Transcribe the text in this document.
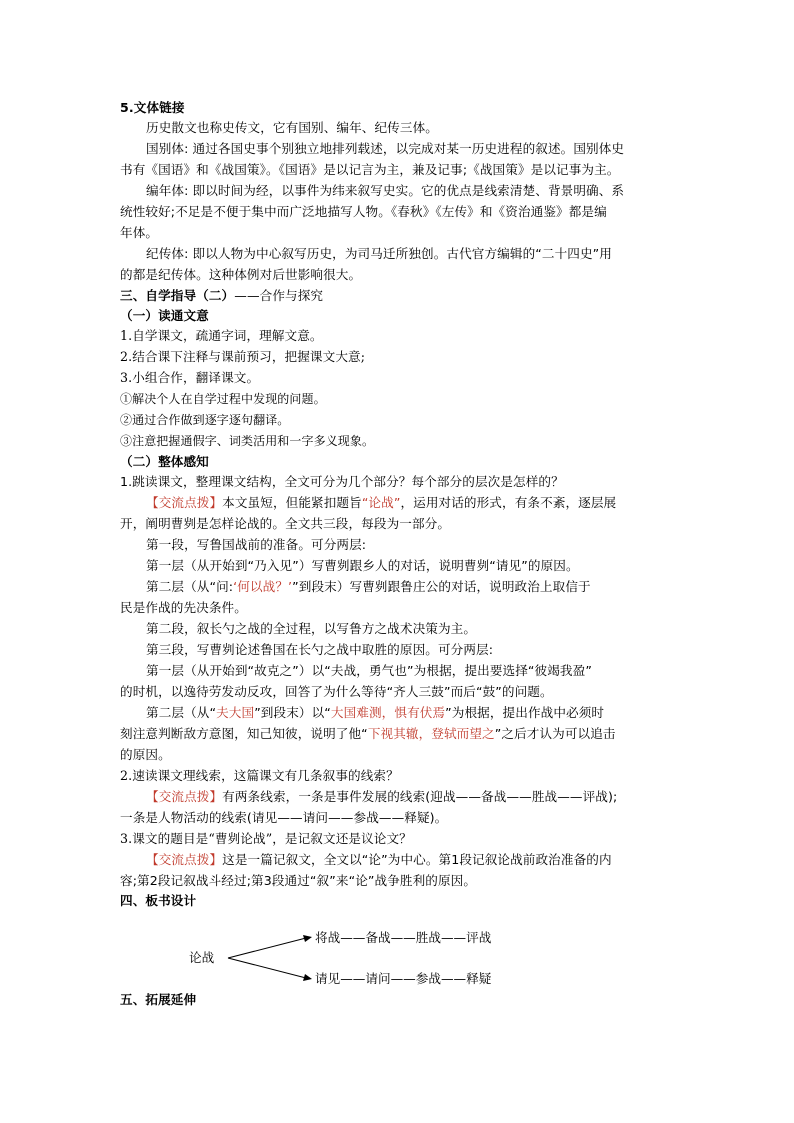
5.文体链接
历史散文也称史传文，它有国别、编年、纪传三体。
国别体: 通过各国史事个别独立地排列载述，以完成对某一历史进程的叙述。国别体史
书有《国语》和《战国策》。《国语》是以记言为主，兼及记事;《战国策》是以记事为主。
编年体: 即以时间为经，以事件为纬来叙写史实。它的优点是线索清楚、背景明确、系
统性较好;不足是不便于集中而广泛地描写人物。《春秋》《左传》和《资治通鉴》都是编
年体。
纪传体: 即以人物为中心叙写历史，为司马迁所独创。古代官方编辑的“二十四史”用
的都是纪传体。这种体例对后世影响很大。
三、自学指导（二）——合作与探究
（一）读通文意
1.自学课文，疏通字词，理解文意。
2.结合课下注释与课前预习，把握课文大意;
3.小组合作，翻译课文。
①解决个人在自学过程中发现的问题。
②通过合作做到逐字逐句翻译。
③注意把握通假字、词类活用和一字多义现象。
（二）整体感知
1.跳读课文，整理课文结构，全文可分为几个部分？每个部分的层次是怎样的？
【交流点拨】本文虽短，但能紧扣题旨“论战”，运用对话的形式，有条不紊，逐层展
开，阐明曹刿是怎样论战的。全文共三段，每段为一部分。
第一段，写鲁国战前的准备。可分两层:
第一层（从开始到“乃入见”）写曹刿跟乡人的对话，说明曹刿“请见”的原因。
第二层（从“问:‘何以战？’”到段末）写曹刿跟鲁庄公的对话，说明政治上取信于
民是作战的先决条件。
第二段，叙长勺之战的全过程，以写鲁方之战术决策为主。
第三段，写曹刿论述鲁国在长勺之战中取胜的原因。可分两层:
第一层（从开始到“故克之”）以“夫战，勇气也”为根据，提出要选择“彼竭我盈”
的时机，以逸待劳发动反攻，回答了为什么等待“齐人三鼓”而后“鼓”的问题。
第二层（从“夫大国”到段末）以“大国难测，惧有伏焉”为根据，提出作战中必须时
刻注意判断敌方意图，知己知彼，说明了他“下视其辙，登轼而望之”之后才认为可以追击
的原因。
2.速读课文理线索，这篇课文有几条叙事的线索？
【交流点拨】有两条线索，一条是事件发展的线索(迎战——备战——胜战——评战);
一条是人物活动的线索(请见——请问——参战——释疑)。
3.课文的题目是“曹刿论战”，是记叙文还是议论文？
【交流点拨】这是一篇记叙文，全文以“论”为中心。第1段记叙论战前政治准备的内
容;第2段记叙战斗经过;第3段通过“叙”来“论”战争胜利的原因。
四、板书设计
论战
将战——备战——胜战——评战
请见——请问——参战——释疑
五、拓展延伸
